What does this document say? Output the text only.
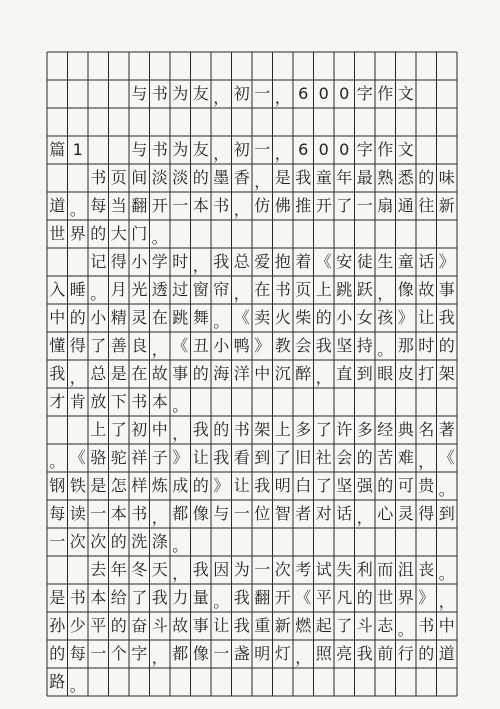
与 书 为 友 ， 初 一 ， 6 0 0 字 作 文
篇 1	与 书 为 友 ， 初 一 ， 6 0 0 字 作 文
书 页 间 淡 淡 的 墨 香 ， 是 我 童 年 最 熟 悉 的 味
道 。 每 当 翻 开 一 本 书 ， 仿 佛 推 开 了 一 扇 通 往 新
世 界 的 大 门 。
记 得 小 学 时 ， 我 总 爱 抱 着 《 安 徒 生 童 话 》
入 睡 。 月 光 透 过 窗 帘 ， 在 书 页 上 跳 跃 ， 像 故 事
中 的 小 精 灵 在 跳 舞 。 《 卖 火 柴 的 小 女 孩 》 让 我
懂 得 了 善 良 ， 《 丑 小 鸭 》 教 会 我 坚 持 。 那 时 的
我 ， 总 是 在 故 事 的 海 洋 中 沉 醉 ， 直 到 眼 皮 打 架
才 肯 放 下 书 本 。
上 了 初 中 ， 我 的 书 架 上 多 了 许 多 经 典 名 著
。 《 骆 驼 祥 子 》 让 我 看 到 了 旧 社 会 的 苦 难 ， 《
钢 铁 是 怎 样 炼 成 的 》 让 我 明 白 了 坚 强 的 可 贵 。
每 读 一 本 书 ， 都 像 与 一 位 智 者 对 话 ， 心 灵 得 到
一 次 次 的 洗 涤 。
去 年 冬 天 ， 我 因 为 一 次 考 试 失 利 而 沮 丧 。
是 书 本 给 了 我 力 量 。 我 翻 开 《 平 凡 的 世 界 》 ，
孙 少 平 的 奋 斗 故 事 让 我 重 新 燃 起 了 斗 志 。 书 中
的 每 一 个 字 ， 都 像 一 盏 明 灯 ， 照 亮 我 前 行 的 道
路 。
